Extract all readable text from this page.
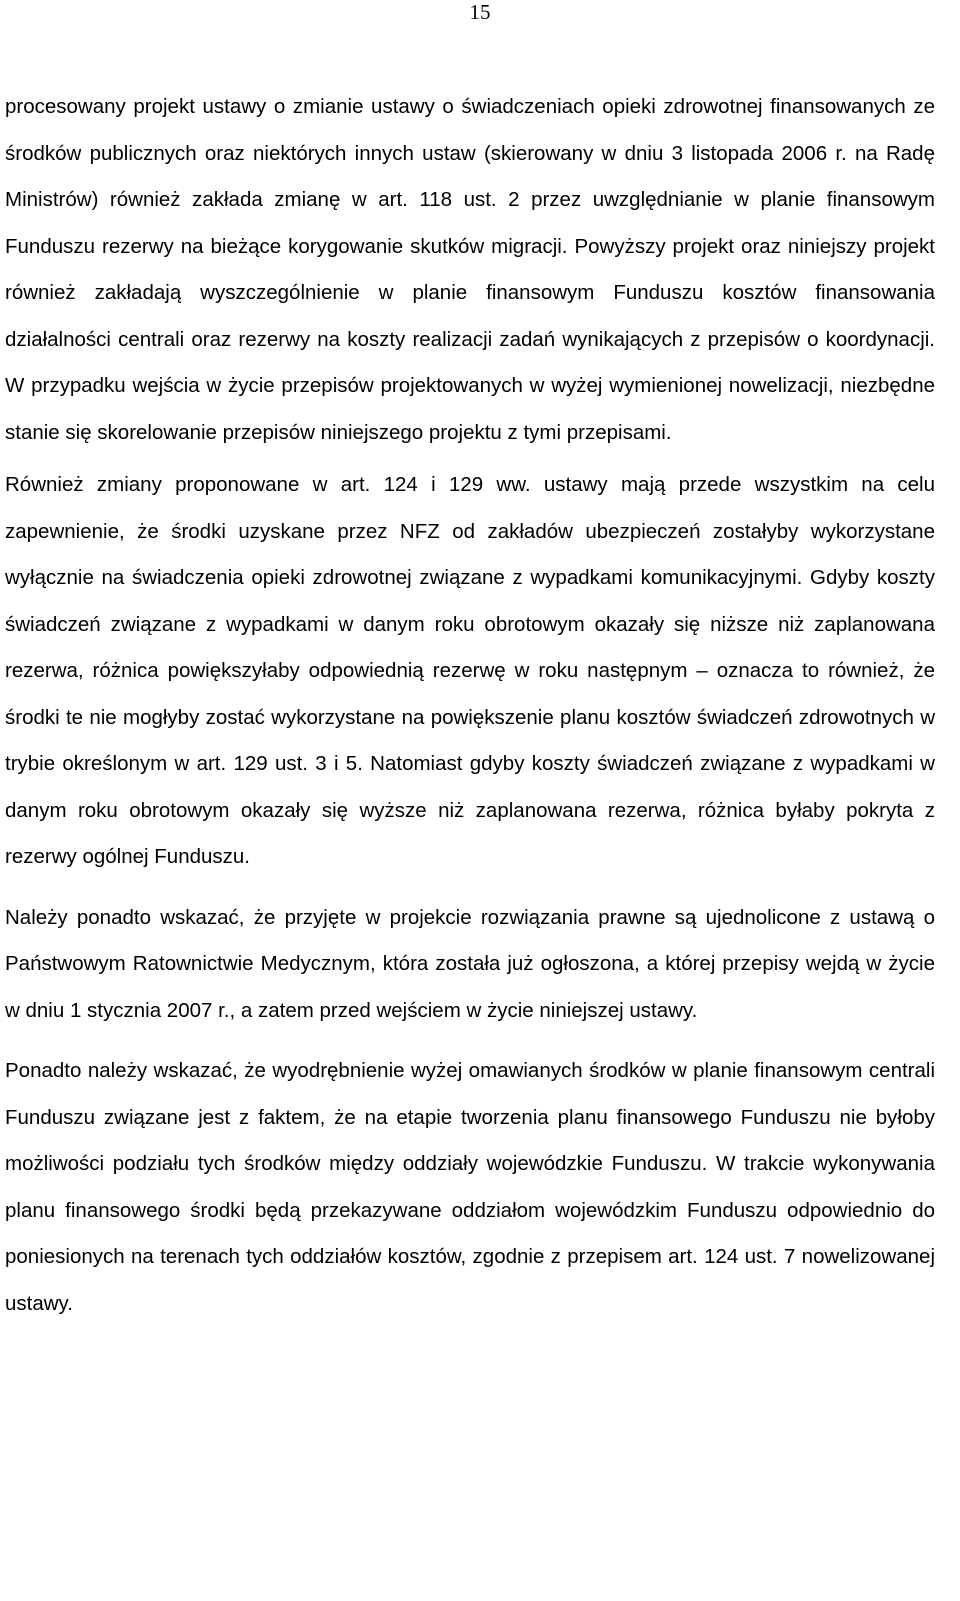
15

procesowany projekt ustawy o zmianie ustawy o świadczeniach opieki zdrowotnej finansowanych ze środków publicznych oraz niektórych innych ustaw (skierowany w dniu 3 listopada 2006 r. na Radę Ministrów) również zakłada zmianę w art. 118 ust. 2 przez uwzględnianie w planie finansowym Funduszu rezerwy na bieżące korygowanie skutków migracji. Powyższy projekt oraz niniejszy projekt również zakładają wyszczególnienie w planie finansowym Funduszu kosztów finansowania działalności centrali oraz rezerwy na koszty realizacji zadań wynikających z przepisów o koordynacji. W przypadku wejścia w życie przepisów projektowanych w wyżej wymienionej nowelizacji, niezbędne stanie się skorelowanie przepisów niniejszego projektu z tymi przepisami.

Również zmiany proponowane w art. 124 i 129 ww. ustawy mają przede wszystkim na celu zapewnienie, że środki uzyskane przez NFZ od zakładów ubezpieczeń zostałyby wykorzystane wyłącznie na świadczenia opieki zdrowotnej związane z wypadkami komunikacyjnymi. Gdyby koszty świadczeń związane z wypadkami w danym roku obrotowym okazały się niższe niż zaplanowana rezerwa, różnica powiększyłaby odpowiednią rezerwę w roku następnym – oznacza to również, że środki te nie mogłyby zostać wykorzystane na powiększenie planu kosztów świadczeń zdrowotnych w trybie określonym w art. 129 ust. 3 i 5. Natomiast gdyby koszty świadczeń związane z wypadkami w danym roku obrotowym okazały się wyższe niż zaplanowana rezerwa, różnica byłaby pokryta z rezerwy ogólnej Funduszu.

Należy ponadto wskazać, że przyjęte w projekcie rozwiązania prawne są ujednolicone z ustawą o Państwowym Ratownictwie Medycznym, która została już ogłoszona, a której przepisy wejdą w życie w dniu 1 stycznia 2007 r., a zatem przed wejściem w życie niniejszej ustawy.

Ponadto należy wskazać, że wyodrębnienie wyżej omawianych środków w planie finansowym centrali Funduszu związane jest z faktem, że na etapie tworzenia planu finansowego Funduszu nie byłoby możliwości podziału tych środków między oddziały wojewódzkie Funduszu. W trakcie wykonywania planu finansowego środki będą przekazywane oddziałom wojewódzkim Funduszu odpowiednio do poniesionych na terenach tych oddziałów kosztów, zgodnie z przepisem art. 124 ust. 7 nowelizowanej ustawy.
